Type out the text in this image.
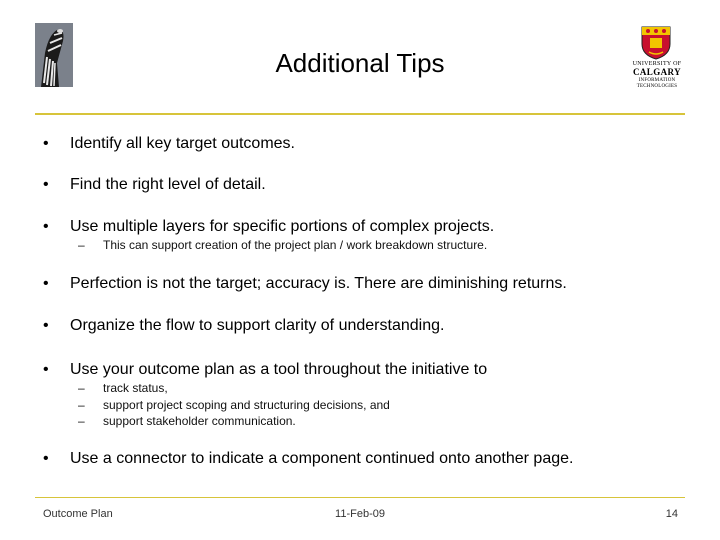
Additional Tips	UNIVERSITY OF
CALGARY
INFORMATION
TECHNOLOGIES
• Identify all key target outcomes.
• Find the right level of detail.
• Use multiple layers for specific portions of complex projects.
– This can support creation of the project plan / work breakdown structure.
• Perfection is not the target; accuracy is. There are diminishing returns.
• Organize the flow to support clarity of understanding.
• Use your outcome plan as a tool throughout the initiative to
– track status,
– support project scoping and structuring decisions, and
– support stakeholder communication.
• Use a connector to indicate a component continued onto another page.
Outcome Plan	11-Feb-09	14
